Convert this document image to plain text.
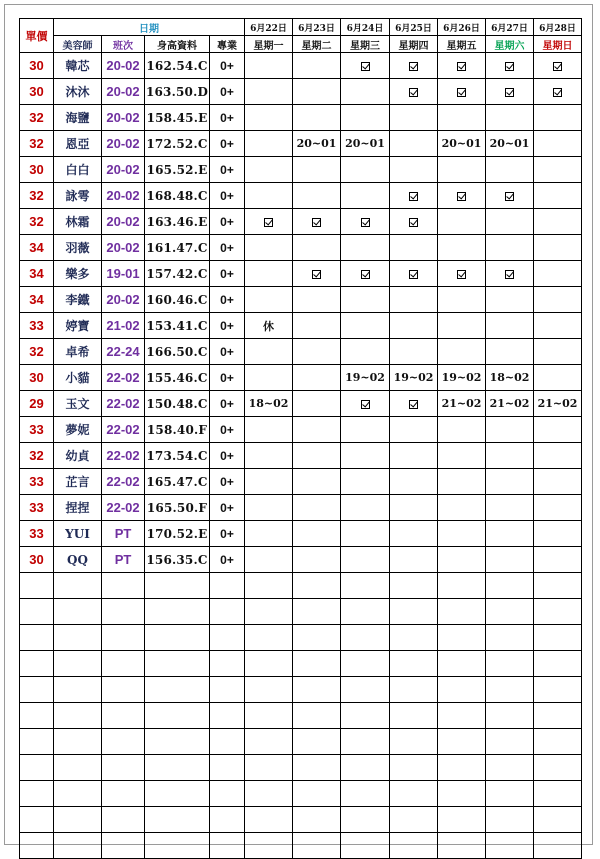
單價	日期				6月22日	6月23日	6月24日	6月25日	6月26日	6月27日	6月28日
	美容師	班次	身高資料	專業	星期一	星期二	星期三	星期四	星期五	星期六	星期日
30	韓芯	20-02	162.54.C	0+							
30	沐沐	20-02	163.50.D	0+							
32	海鹽	20-02	158.45.E	0+							
32	恩亞	20-02	172.52.C	0+		20~01	20~01		20~01	20~01	
30	白白	20-02	165.52.E	0+							
32	詠雩	20-02	168.48.C	0+							
32	林霜	20-02	163.46.E	0+							
34	羽薇	20-02	161.47.C	0+							
34	樂多	19-01	157.42.C	0+							
34	李鐵	20-02	160.46.C	0+							
33	婷寶	21-02	153.41.C	0+	休						
32	卓希	22-24	166.50.C	0+							
30	小貓	22-02	155.46.C	0+			19~02	19~02	19~02	18~02	
29	玉文	22-02	150.48.C	0+	18~02				21~02	21~02	21~02
33	夢妮	22-02	158.40.F	0+							
32	幼貞	22-02	173.54.C	0+							
33	芷言	22-02	165.47.C	0+							
33	捏捏	22-02	165.50.F	0+							
33	YUI	PT	170.52.E	0+							
30	QQ	PT	156.35.C	0+							
